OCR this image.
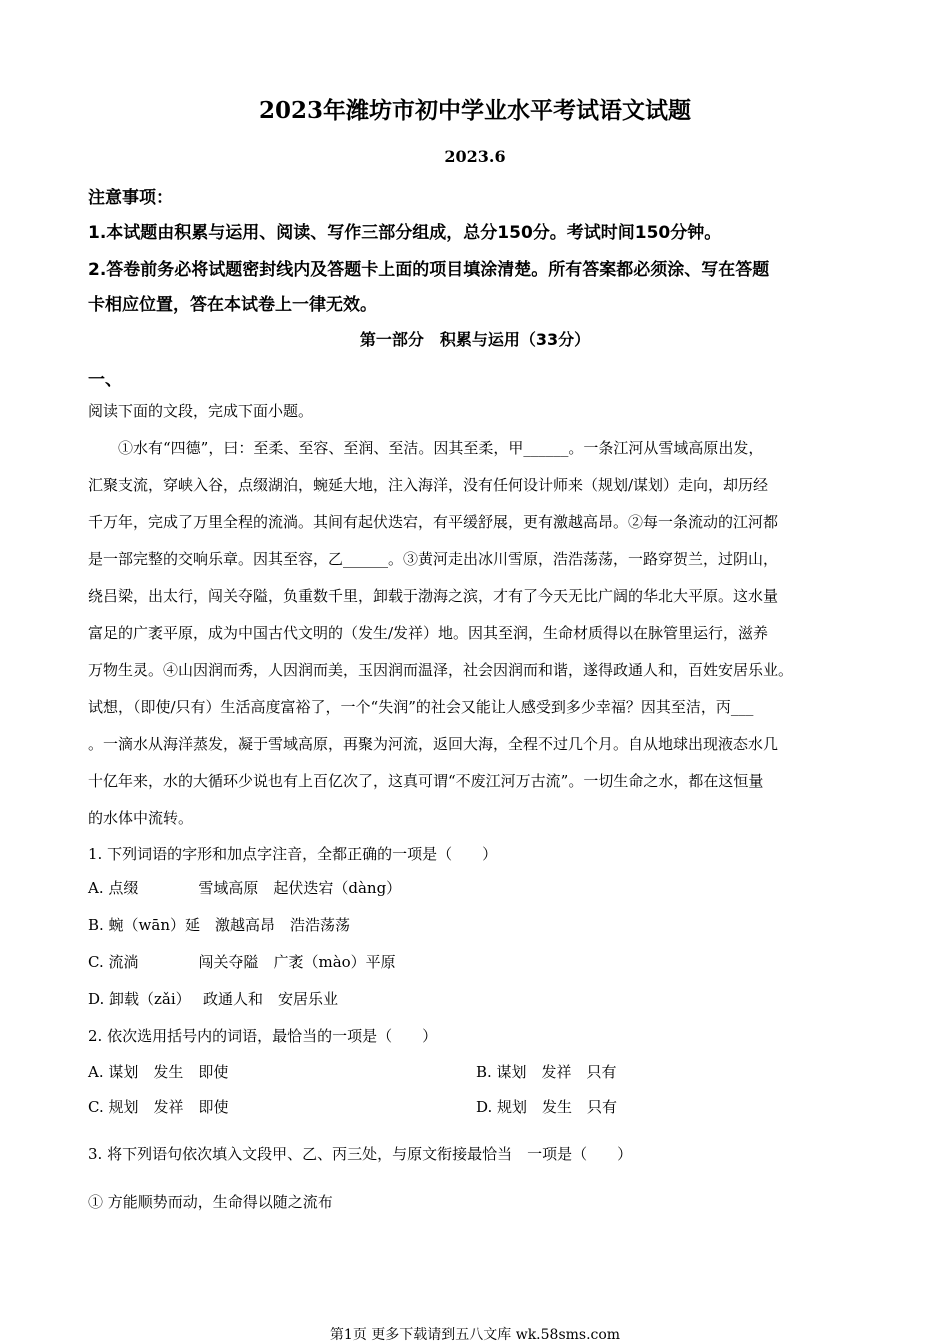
2023年潍坊市初中学业水平考试语文试题
2023.6
注意事项：
1.本试题由积累与运用、阅读、写作三部分组成，总分150分。考试时间150分钟。
2.答卷前务必将试题密封线内及答题卡上面的项目填涂清楚。所有答案都必须涂、写在答题
卡相应位置，答在本试卷上一律无效。
第一部分　积累与运用（33分）
一、
阅读下面的文段，完成下面小题。
①水有“四德”，曰：至柔、至容、至润、至洁。因其至柔，甲______。一条江河从雪域高原出发，
汇聚支流，穿峡入谷，点缀湖泊，蜿延大地，注入海洋，没有任何设计师来（规划/谋划）走向，却历经
千万年，完成了万里全程的流淌。其间有起伏迭宕，有平缓舒展，更有激越高昂。②每一条流动的江河都
是一部完整的交响乐章。因其至容，乙______。③黄河走出冰川雪原，浩浩荡荡，一路穿贺兰，过阴山，
绕吕梁，出太行，闯关夺隘，负重数千里，卸载于渤海之滨，才有了今天无比广阔的华北大平原。这水量
富足的广袤平原，成为中国古代文明的（发生/发祥）地。因其至润，生命材质得以在脉管里运行，滋养
万物生灵。④山因润而秀，人因润而美，玉因润而温泽，社会因润而和谐，遂得政通人和，百姓安居乐业。
试想，（即使/只有）生活高度富裕了，一个“失润”的社会又能让人感受到多少幸福？因其至洁，丙___
。一滴水从海洋蒸发，凝于雪域高原，再聚为河流，返回大海，全程不过几个月。自从地球出现液态水几
十亿年来，水的大循环少说也有上百亿次了，这真可谓“不废江河万古流”。一切生命之水，都在这恒量
的水体中流转。
1. 下列词语的字形和加点字注音，全都正确的一项是（　　）
A. 点缀　　　　雪域高原　起伏迭宕（dàng）
B. 蜿（wān）延　激越高昂　浩浩荡荡
C. 流淌　　　　闯关夺隘　广袤（mào）平原
D. 卸载（zǎi）　 政通人和　安居乐业
2. 依次选用括号内的词语，最恰当的一项是（　　）
A. 谋划　发生　即使	B. 谋划　发祥　只有
C. 规划　发祥　即使	D. 规划　发生　只有
3. 将下列语句依次填入文段甲、乙、丙三处，与原文衔接最恰当　一项是（　　）
① 方能顺势而动，生命得以随之流布
第1页 更多下载请到五八文库 wk.58sms.com
